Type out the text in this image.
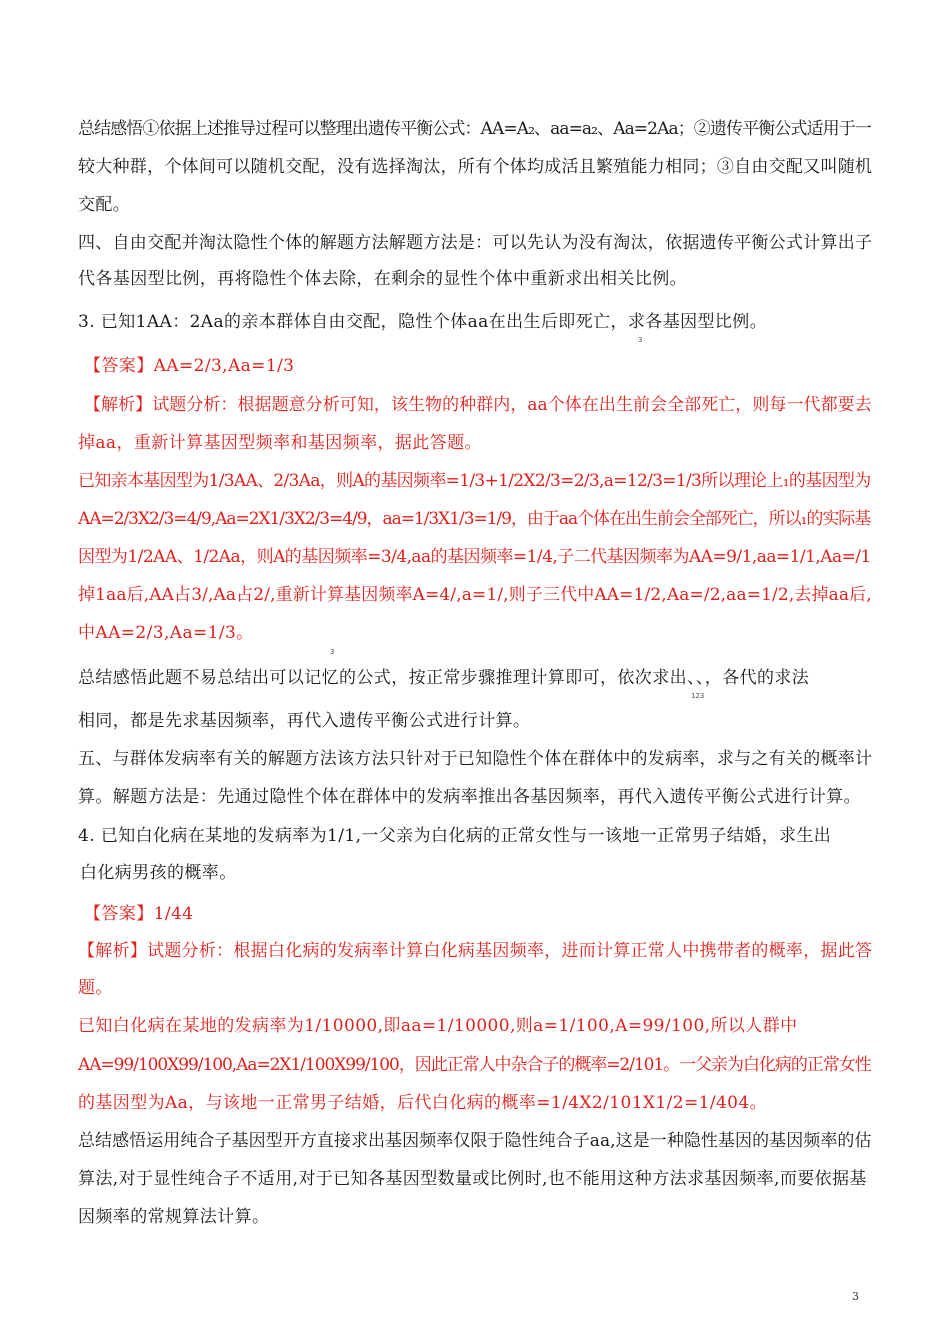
总结感悟①依据上述推导过程可以整理出遗传平衡公式：AA=A₂、aa=a₂、Aa=2Aa；②遗传平衡公式适用于一
较大种群，个体间可以随机交配，没有选择淘汰，所有个体均成活且繁殖能力相同；③自由交配又叫随机
交配。
四、自由交配并淘汰隐性个体的解题方法解题方法是：可以先认为没有淘汰，依据遗传平衡公式计算出子
代各基因型比例，再将隐性个体去除，在剩余的显性个体中重新求出相关比例。
3. 已知1AA：2Aa的亲本群体自由交配，隐性个体aa在出生后即死亡，求各基因型比例。
3
【答案】AA=2/3,Aa=1/3
【解析】试题分析：根据题意分析可知，该生物的种群内，aa个体在出生前会全部死亡，则每一代都要去
掉aa，重新计算基因型频率和基因频率，据此答题。
已知亲本基因型为1/3AA、2/3Aa，则A的基因频率=1/3+1/2X2/3=2/3,a=12/3=1/3所以理论上₁的基因型为
AA=2/3X2/3=4/9,Aa=2X1/3X2/3=4/9，aa=1/3X1/3=1/9，由于aa个体在出生前会全部死亡，所以₁的实际基
因型为1/2AA、1/2Aa，则A的基因频率=3/4,aa的基因频率=1/4,子二代基因频率为AA=9/1,aa=1/1,Aa=/1
掉1aa后,AA占3/,Aa占2/,重新计算基因频率A=4/,a=1/,则子三代中AA=1/2,Aa=/2,aa=1/2,去掉aa后,
中AA=2/3,Aa=1/3。
3
总结感悟此题不易总结出可以记忆的公式，按正常步骤推理计算即可，依次求出、、，各代的求法
123
相同，都是先求基因频率，再代入遗传平衡公式进行计算。
五、与群体发病率有关的解题方法该方法只针对于已知隐性个体在群体中的发病率，求与之有关的概率计
算。解题方法是：先通过隐性个体在群体中的发病率推出各基因频率，再代入遗传平衡公式进行计算。
4. 已知白化病在某地的发病率为1/1,一父亲为白化病的正常女性与一该地一正常男子结婚，求生出
白化病男孩的概率。
【答案】1/44
【解析】试题分析：根据白化病的发病率计算白化病基因频率，进而计算正常人中携带者的概率，据此答
题。
已知白化病在某地的发病率为1/10000,即aa=1/10000,则a=1/100,A=99/100,所以人群中
AA=99/100X99/100,Aa=2X1/100X99/100，因此正常人中杂合子的概率=2/101。一父亲为白化病的正常女性
的基因型为Aa，与该地一正常男子结婚，后代白化病的概率=1/4X2/101X1/2=1/404。
总结感悟运用纯合子基因型开方直接求出基因频率仅限于隐性纯合子aa,这是一种隐性基因的基因频率的估
算法,对于显性纯合子不适用,对于已知各基因型数量或比例时,也不能用这种方法求基因频率,而要依据基
因频率的常规算法计算。
3
